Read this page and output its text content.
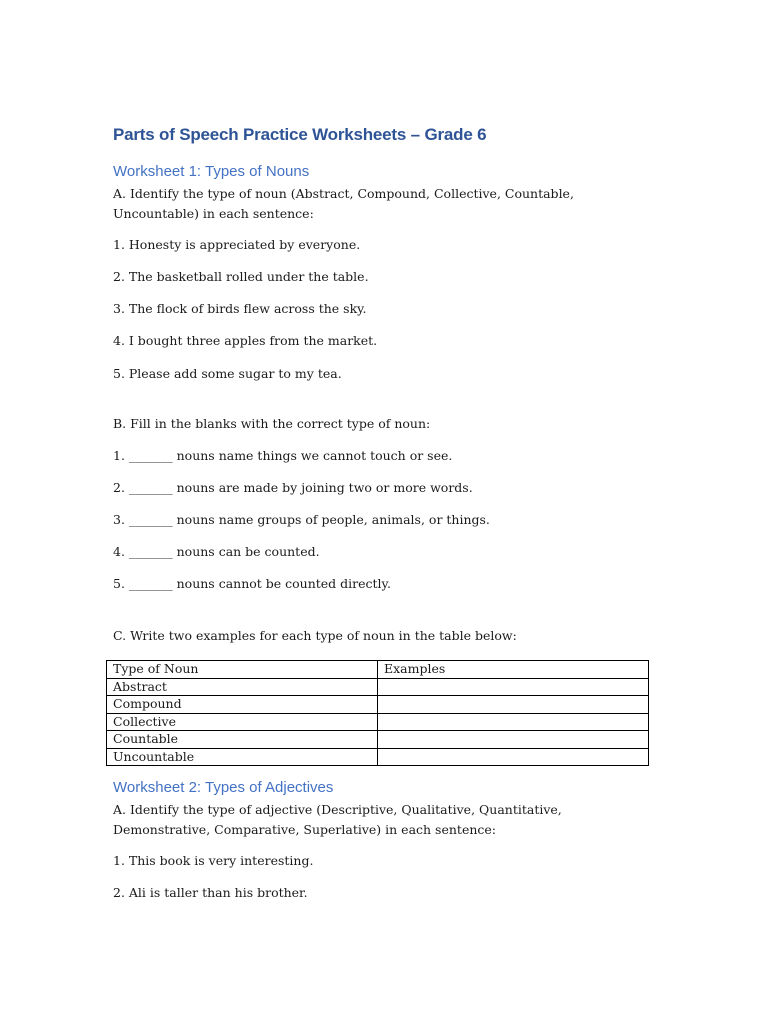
Parts of Speech Practice Worksheets – Grade 6
Worksheet 1: Types of Nouns
A. Identify the type of noun (Abstract, Compound, Collective, Countable, Uncountable) in each sentence:
1. Honesty is appreciated by everyone.
2. The basketball rolled under the table.
3. The flock of birds flew across the sky.
4. I bought three apples from the market.
5. Please add some sugar to my tea.
B. Fill in the blanks with the correct type of noun:
1. _______ nouns name things we cannot touch or see.
2. _______ nouns are made by joining two or more words.
3. _______ nouns name groups of people, animals, or things.
4. _______ nouns can be counted.
5. _______ nouns cannot be counted directly.
C. Write two examples for each type of noun in the table below:
Type of Noun	Examples
Abstract	
Compound	
Collective	
Countable	
Uncountable	
Worksheet 2: Types of Adjectives
A. Identify the type of adjective (Descriptive, Qualitative, Quantitative, Demonstrative, Comparative, Superlative) in each sentence:
1. This book is very interesting.
2. Ali is taller than his brother.
